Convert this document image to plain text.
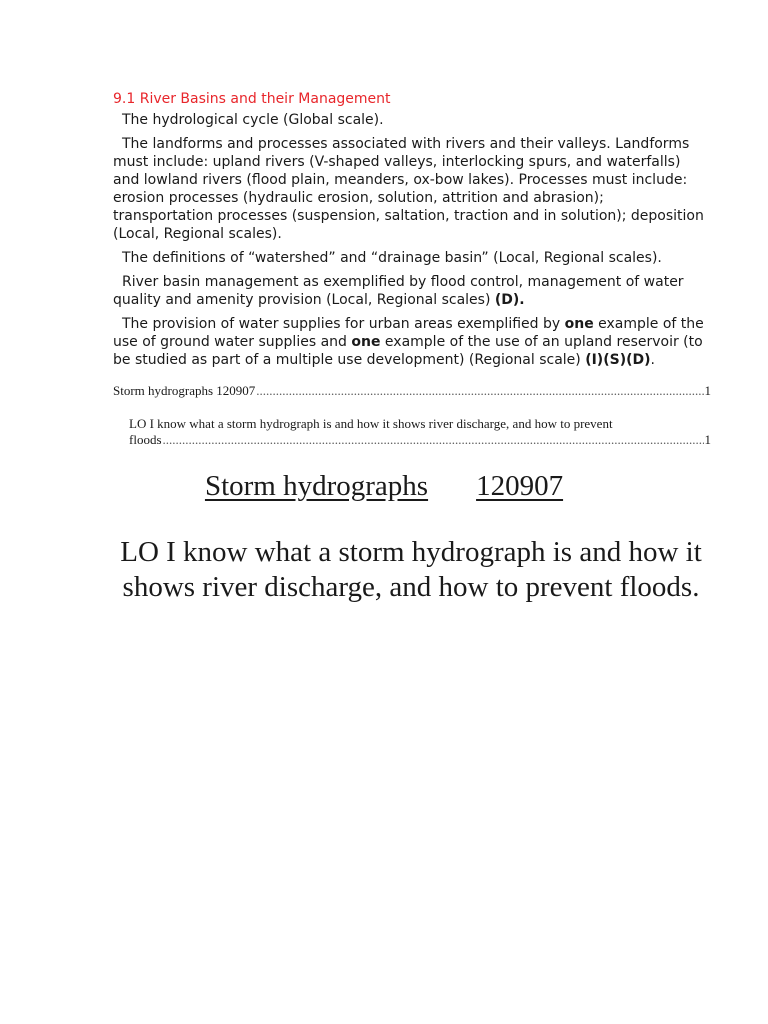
9.1 River Basins and their Management

The hydrological cycle (Global scale).

The landforms and processes associated with rivers and their valleys. Landforms must include: upland rivers (V-shaped valleys, interlocking spurs, and waterfalls) and lowland rivers (flood plain, meanders, ox-bow lakes). Processes must include: erosion processes (hydraulic erosion, solution, attrition and abrasion); transportation processes (suspension, saltation, traction and in solution); deposition (Local, Regional scales).

The definitions of “watershed” and “drainage basin” (Local, Regional scales).

River basin management as exemplified by flood control, management of water quality and amenity provision (Local, Regional scales) (D).

The provision of water supplies for urban areas exemplified by one example of the use of ground water supplies and one example of the use of an upland reservoir (to be studied as part of a multiple use development) (Regional scale) (I)(S)(D).

Storm hydrographs 120907 .....	1
LO I know what a storm hydrograph is and how it shows river discharge, and how to prevent
floods .....	1
Storm hydrographs 120907
LO I know what a storm hydrograph is and how it shows river discharge, and how to prevent floods.
